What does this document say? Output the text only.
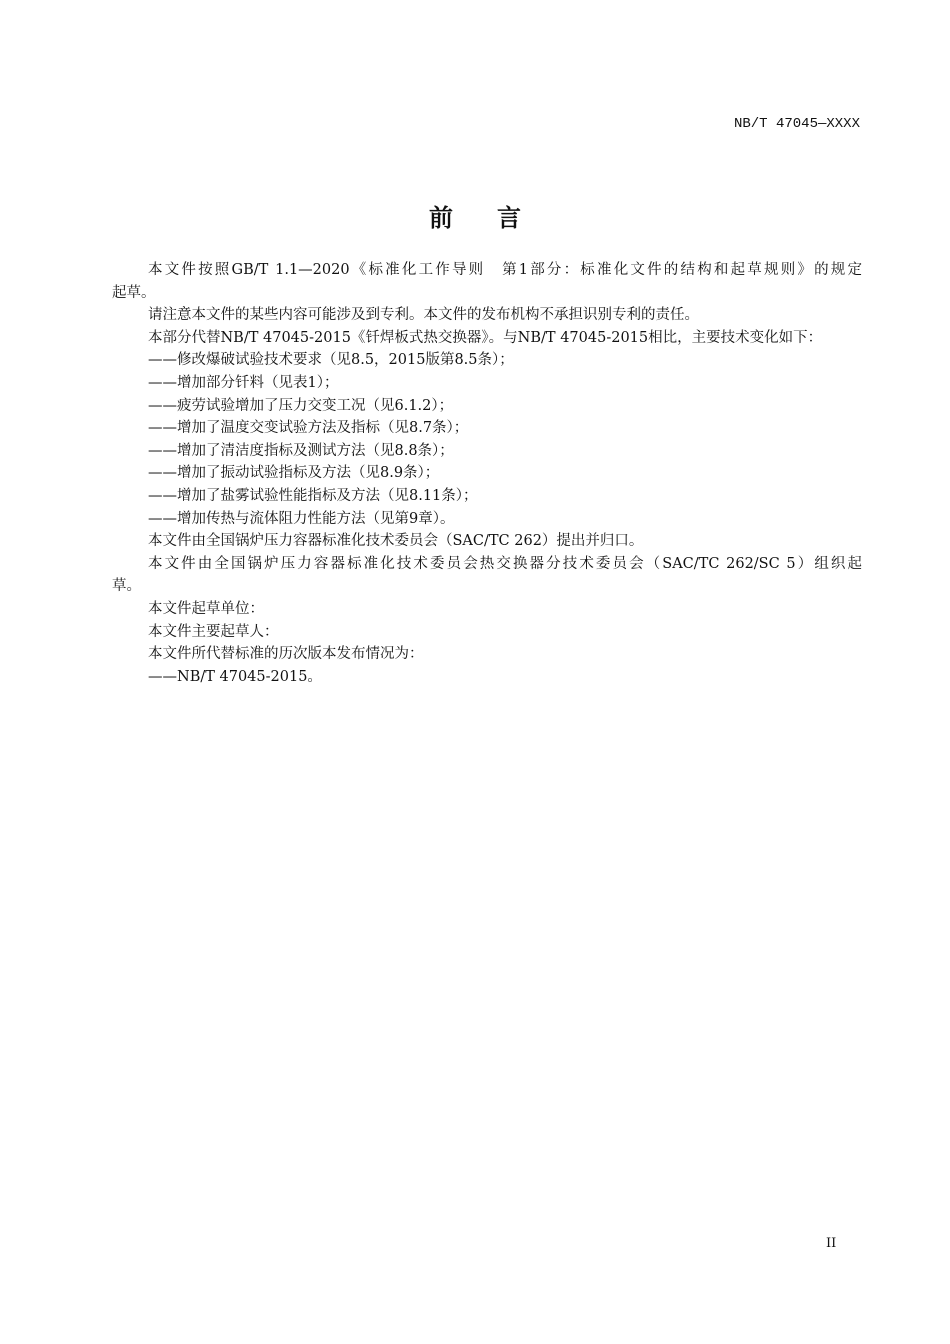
NB/T 47045—XXXX
前言
本文件按照GB/T 1.1—2020《标准化工作导则　第1部分：标准化文件的结构和起草规则》的规定
起草。
请注意本文件的某些内容可能涉及到专利。本文件的发布机构不承担识别专利的责任。
本部分代替NB/T 47045-2015《钎焊板式热交换器》。与NB/T 47045-2015相比，主要技术变化如下：
——修改爆破试验技术要求（见8.5，2015版第8.5条）；
——增加部分钎料（见表1）；
——疲劳试验增加了压力交变工况（见6.1.2）；
——增加了温度交变试验方法及指标（见8.7条）；
——增加了清洁度指标及测试方法（见8.8条）；
——增加了振动试验指标及方法（见8.9条）；
——增加了盐雾试验性能指标及方法（见8.11条）；
——增加传热与流体阻力性能方法（见第9章）。
本文件由全国锅炉压力容器标准化技术委员会（SAC/TC 262）提出并归口。
本文件由全国锅炉压力容器标准化技术委员会热交换器分技术委员会（SAC/TC 262/SC 5）组织起
草。
本文件起草单位：
本文件主要起草人：
本文件所代替标准的历次版本发布情况为：
——NB/T 47045-2015。
II
